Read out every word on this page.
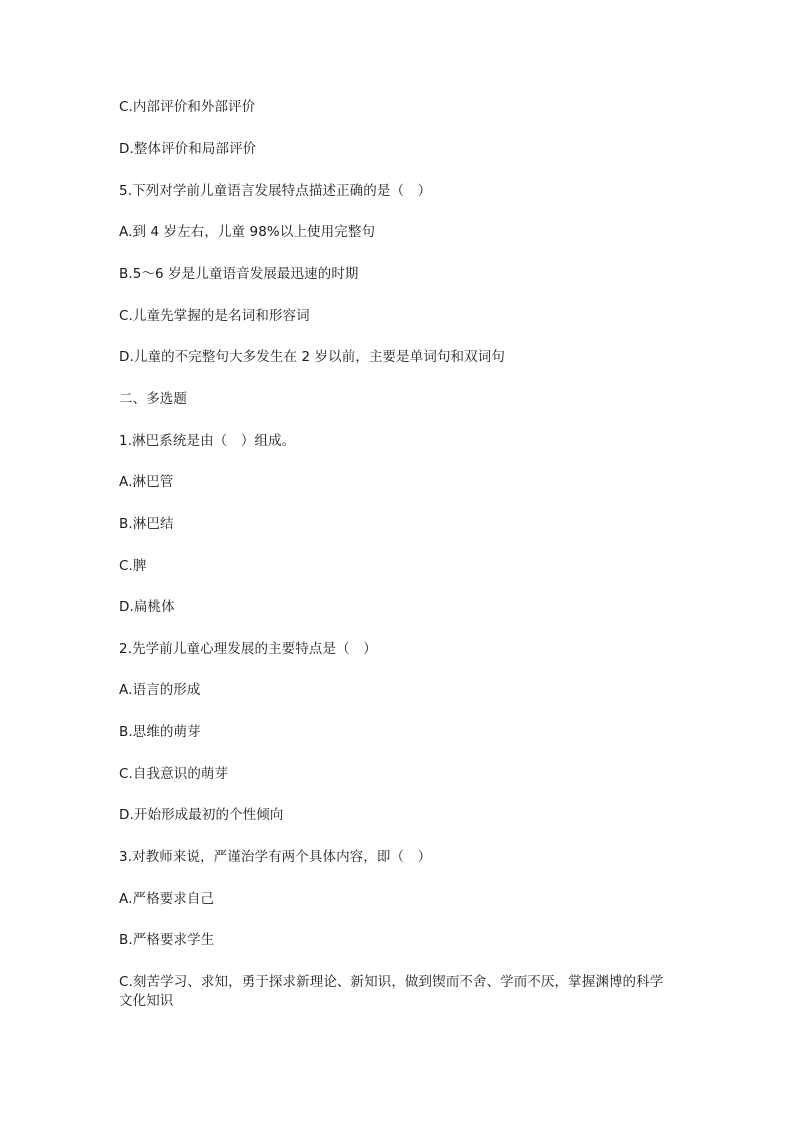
C.内部评价和外部评价
D.整体评价和局部评价
5.下列对学前儿童语言发展特点描述正确的是（　）
A.到 4 岁左右，儿童 98%以上使用完整句
B.5～6 岁是儿童语音发展最迅速的时期
C.儿童先掌握的是名词和形容词
D.儿童的不完整句大多发生在 2 岁以前，主要是单词句和双词句
二、多选题
1.淋巴系统是由（　）组成。
A.淋巴管
B.淋巴结
C.脾
D.扁桃体
2.先学前儿童心理发展的主要特点是（　）
A.语言的形成
B.思维的萌芽
C.自我意识的萌芽
D.开始形成最初的个性倾向
3.对教师来说，严谨治学有两个具体内容，即（　）
A.严格要求自己
B.严格要求学生
C.刻苦学习、求知，勇于探求新理论、新知识，做到锲而不舍、学而不厌，掌握渊博的科学文化知识
